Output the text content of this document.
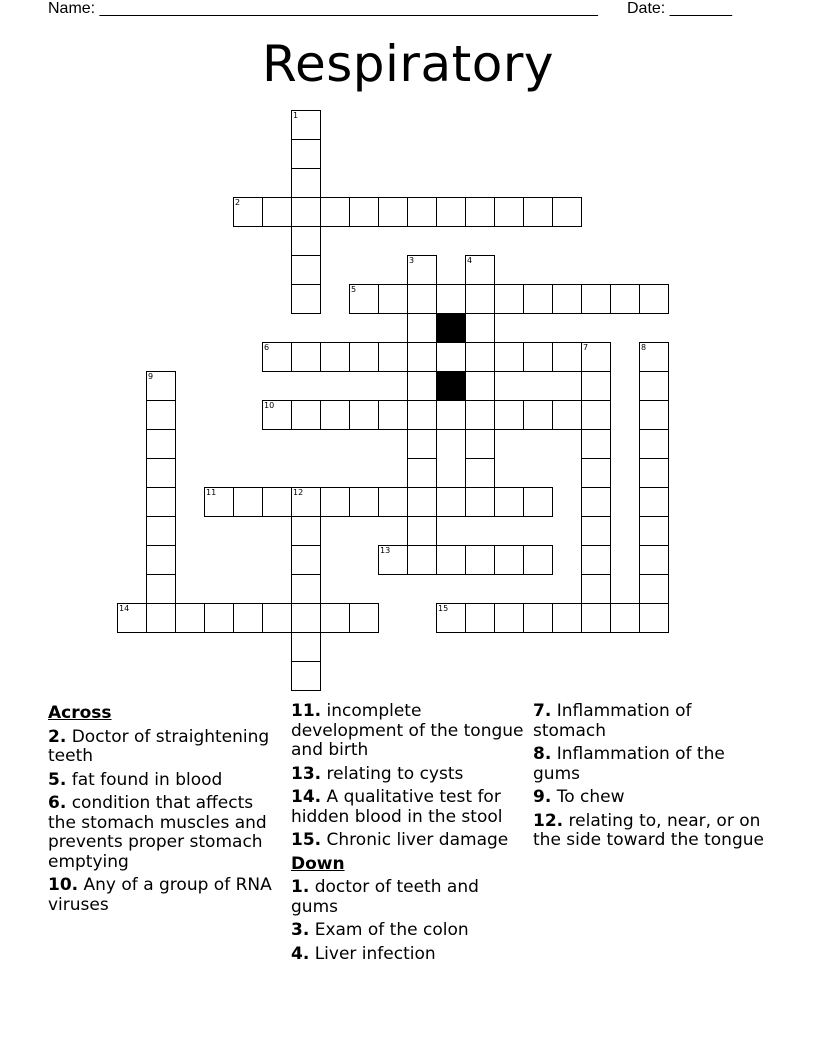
Name: ________________________________________________________ Date: _______
Respiratory
1
2
3	4
5
6	7	8
9
10
11	12
13
14	15
Across
2. Doctor of straightening teeth
5. fat found in blood
6. condition that affects the stomach muscles and prevents proper stomach emptying
10. Any of a group of RNA viruses
11. incomplete development of the tongue and birth
13. relating to cysts
14. A qualitative test for hidden blood in the stool
15. Chronic liver damage
Down
1. doctor of teeth and gums
3. Exam of the colon
4. Liver infection
7. Inflammation of stomach
8. Inflammation of the gums
9. To chew
12. relating to, near, or on the side toward the tongue
